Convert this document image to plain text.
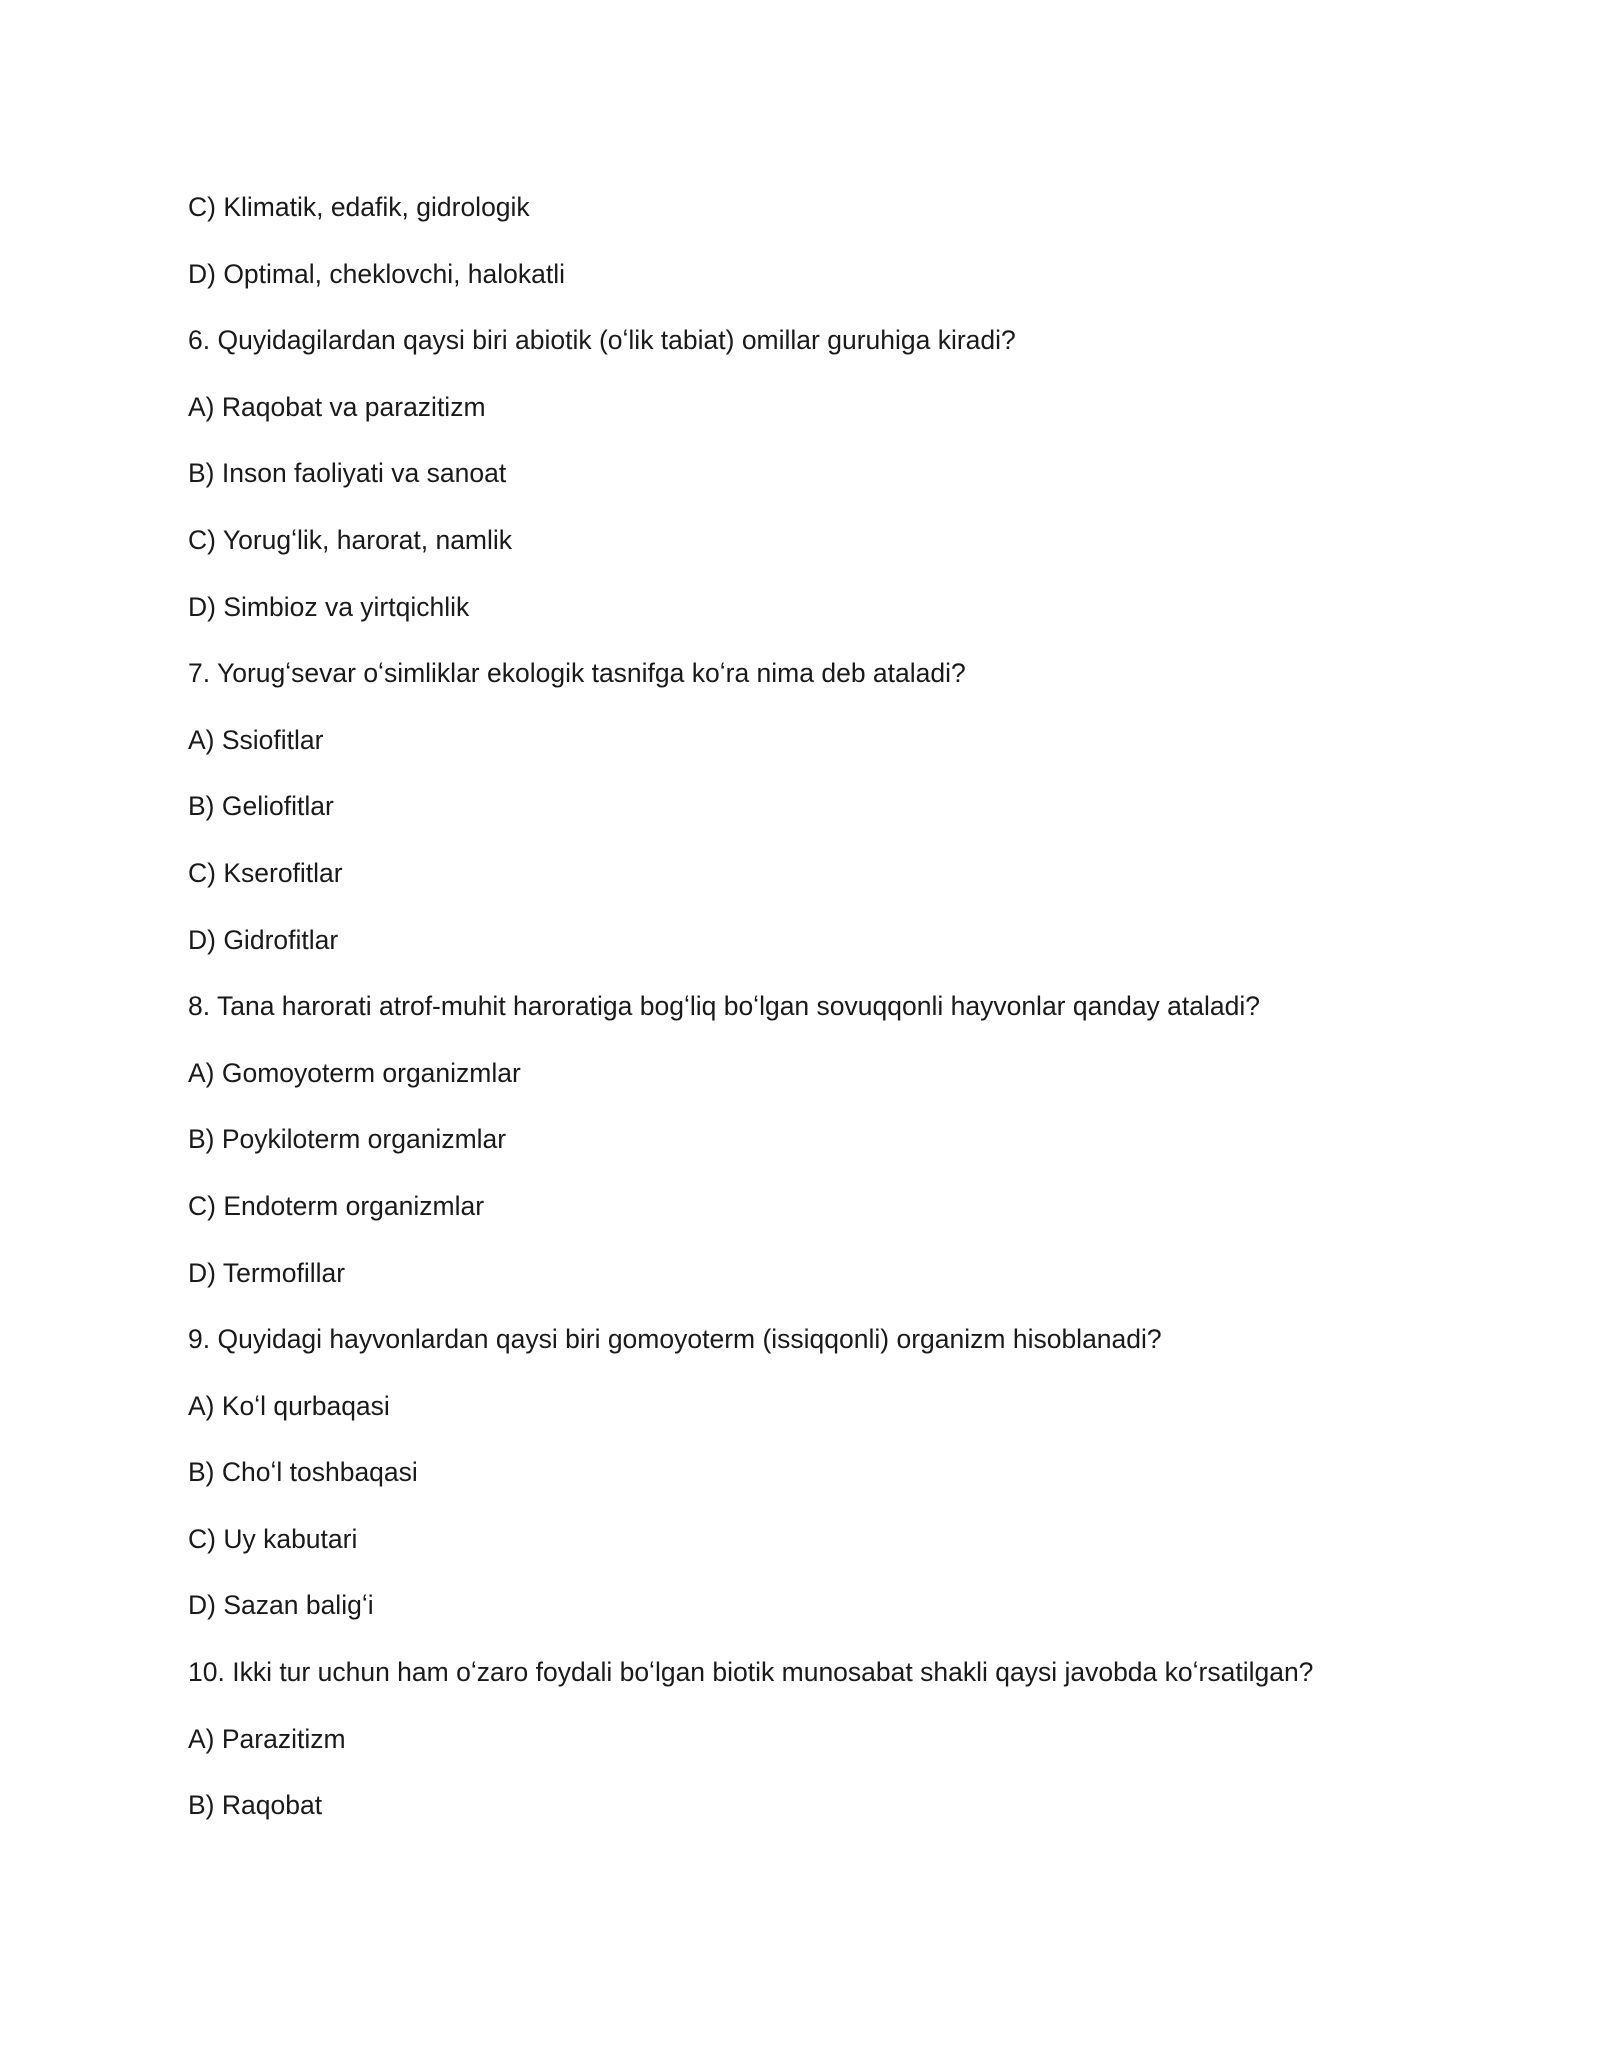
C) Klimatik, edafik, gidrologik
D) Optimal, cheklovchi, halokatli
6. Quyidagilardan qaysi biri abiotik (oʻlik tabiat) omillar guruhiga kiradi?
A) Raqobat va parazitizm
B) Inson faoliyati va sanoat
C) Yorugʻlik, harorat, namlik
D) Simbioz va yirtqichlik
7. Yorugʻsevar oʻsimliklar ekologik tasnifga koʻra nima deb ataladi?
A) Ssiofitlar
B) Geliofitlar
C) Kserofitlar
D) Gidrofitlar
8. Tana harorati atrof-muhit haroratiga bogʻliq boʻlgan sovuqqonli hayvonlar qanday ataladi?
A) Gomoyoterm organizmlar
B) Poykiloterm organizmlar
C) Endoterm organizmlar
D) Termofillar
9. Quyidagi hayvonlardan qaysi biri gomoyoterm (issiqqonli) organizm hisoblanadi?
A) Koʻl qurbaqasi
B) Choʻl toshbaqasi
C) Uy kabutari
D) Sazan baligʻi
10. Ikki tur uchun ham oʻzaro foydali boʻlgan biotik munosabat shakli qaysi javobda koʻrsatilgan?
A) Parazitizm
B) Raqobat
